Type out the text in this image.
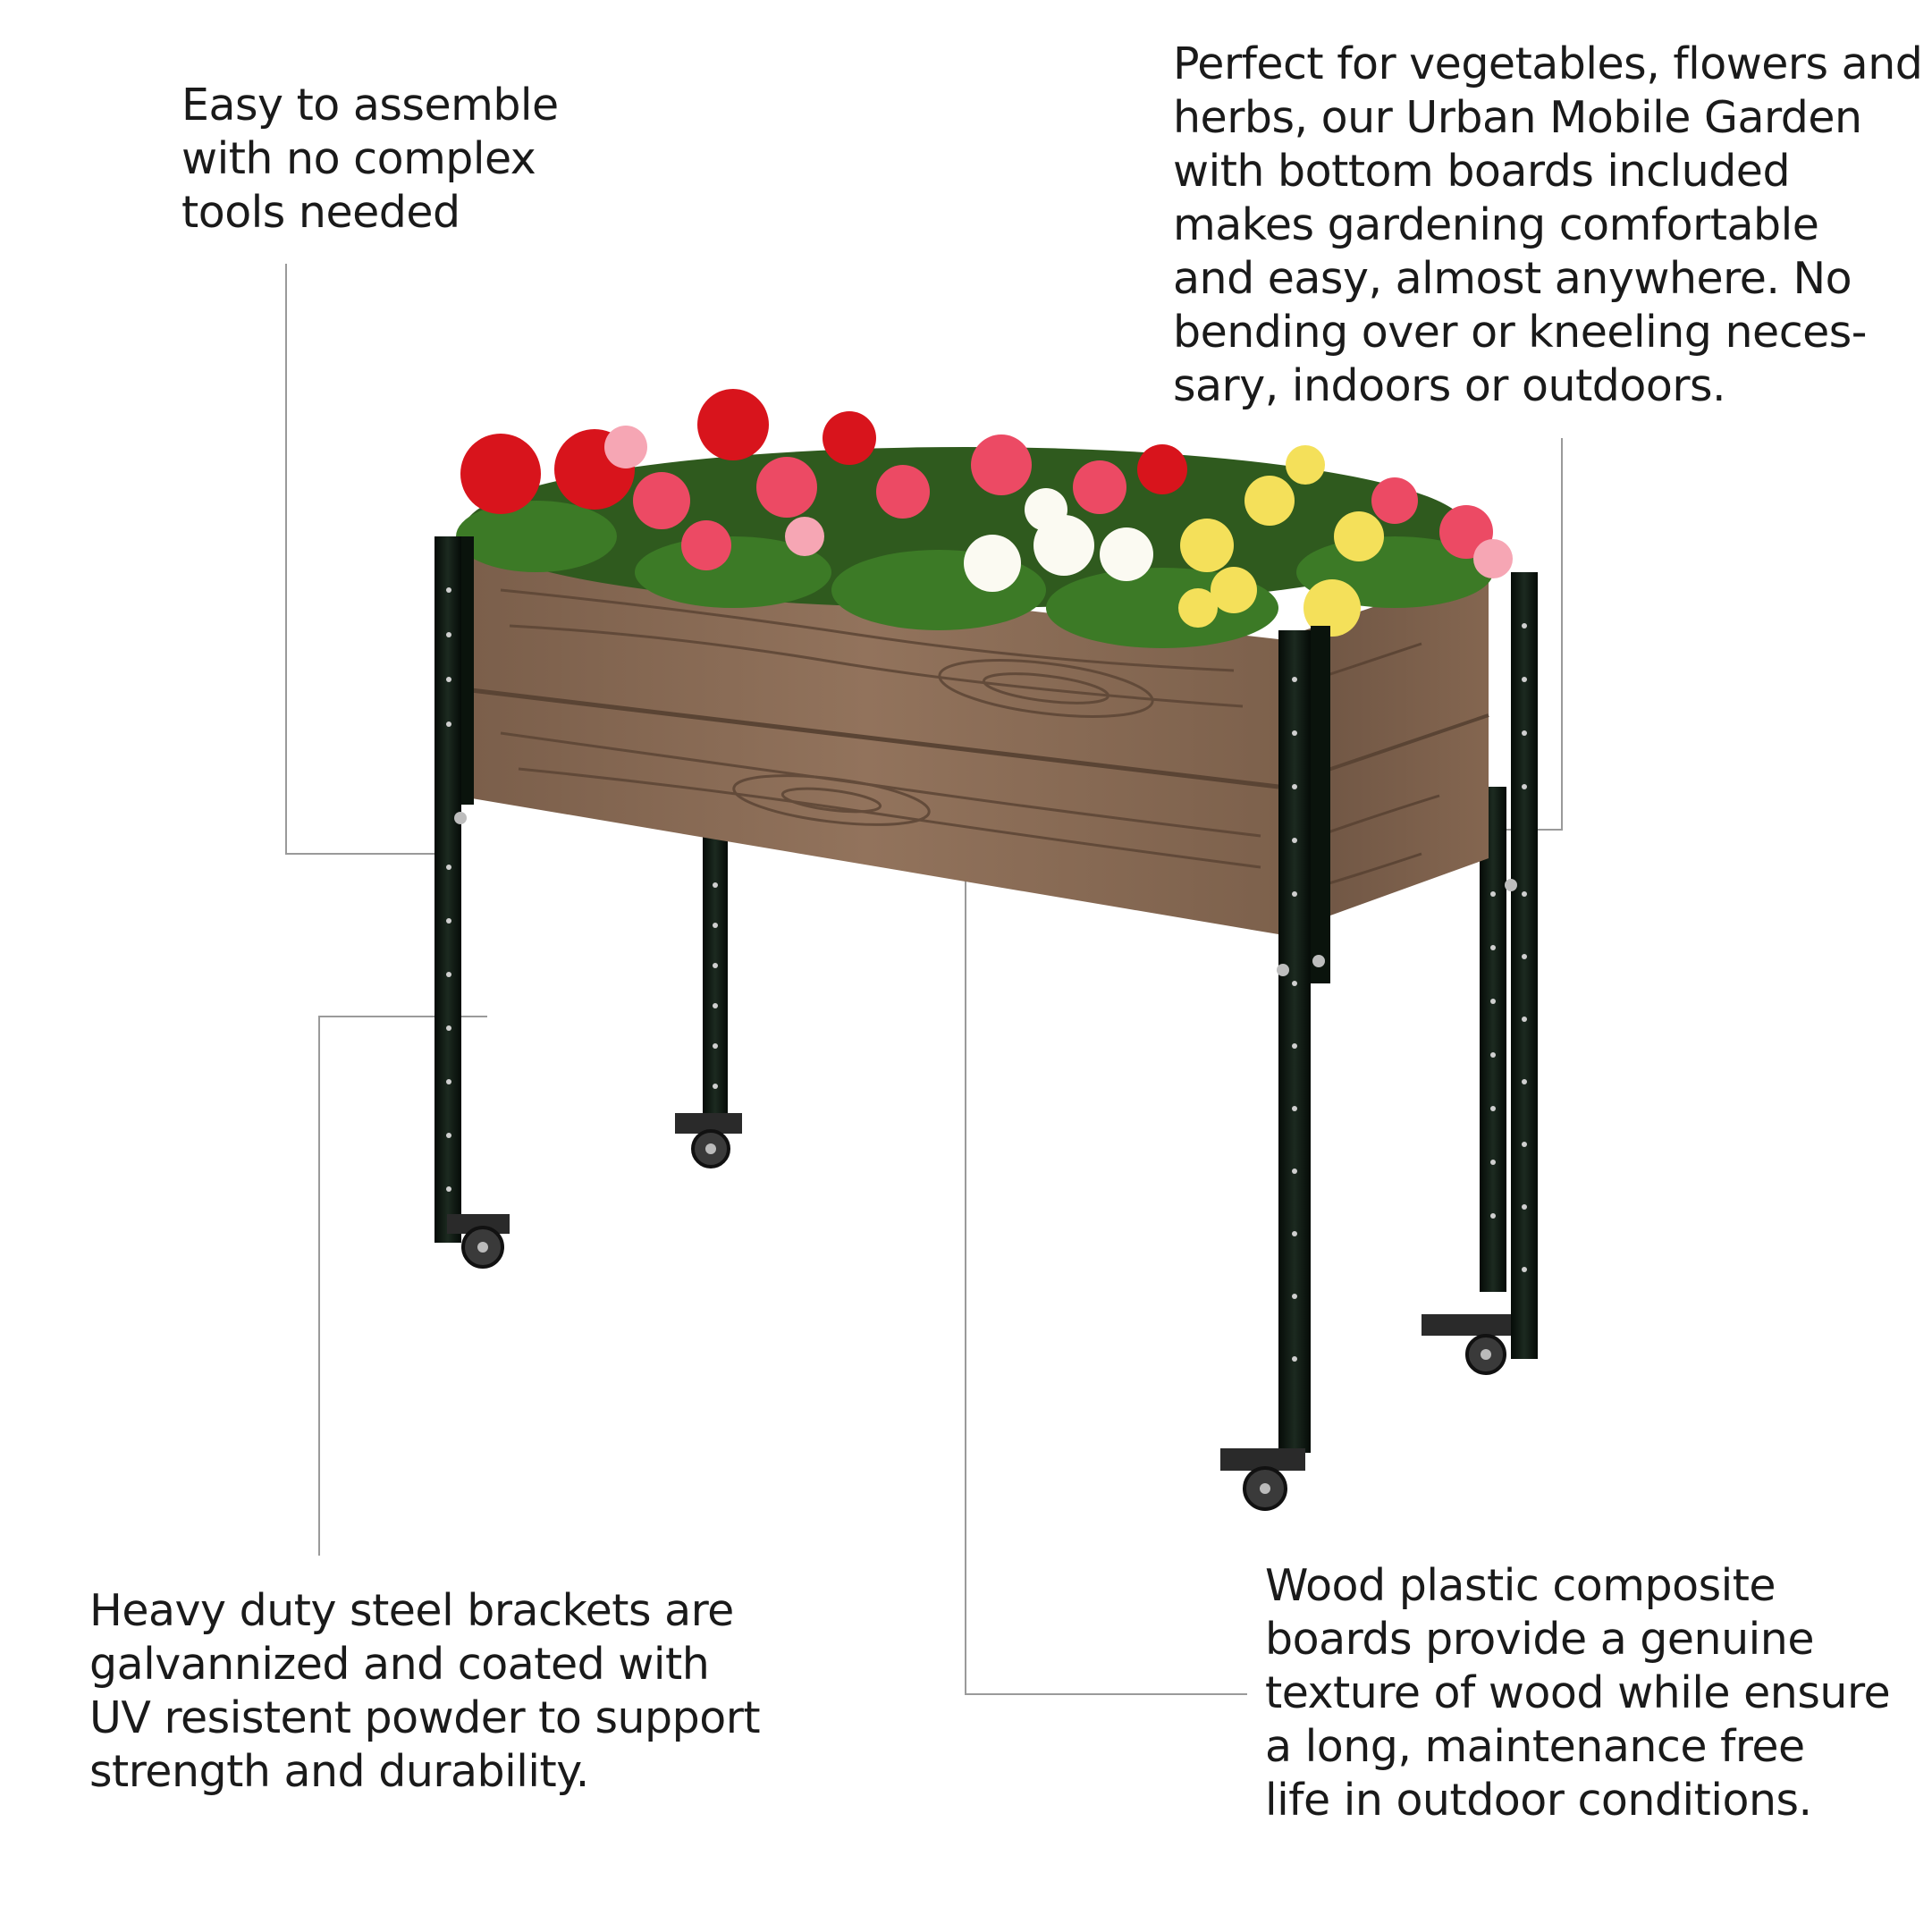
Easy to assemble
with no complex
tools needed

Perfect for vegetables, flowers and
herbs, our Urban Mobile Garden
with bottom boards included
makes gardening comfortable
and easy, almost anywhere. No
bending over or kneeling neces-
sary, indoors or outdoors.

Heavy duty steel brackets are
galvannized and coated with
UV resistent powder to support
strength and durability.

Wood plastic composite
boards provide a genuine
texture of wood while ensure
a long, maintenance free
life in outdoor conditions.
